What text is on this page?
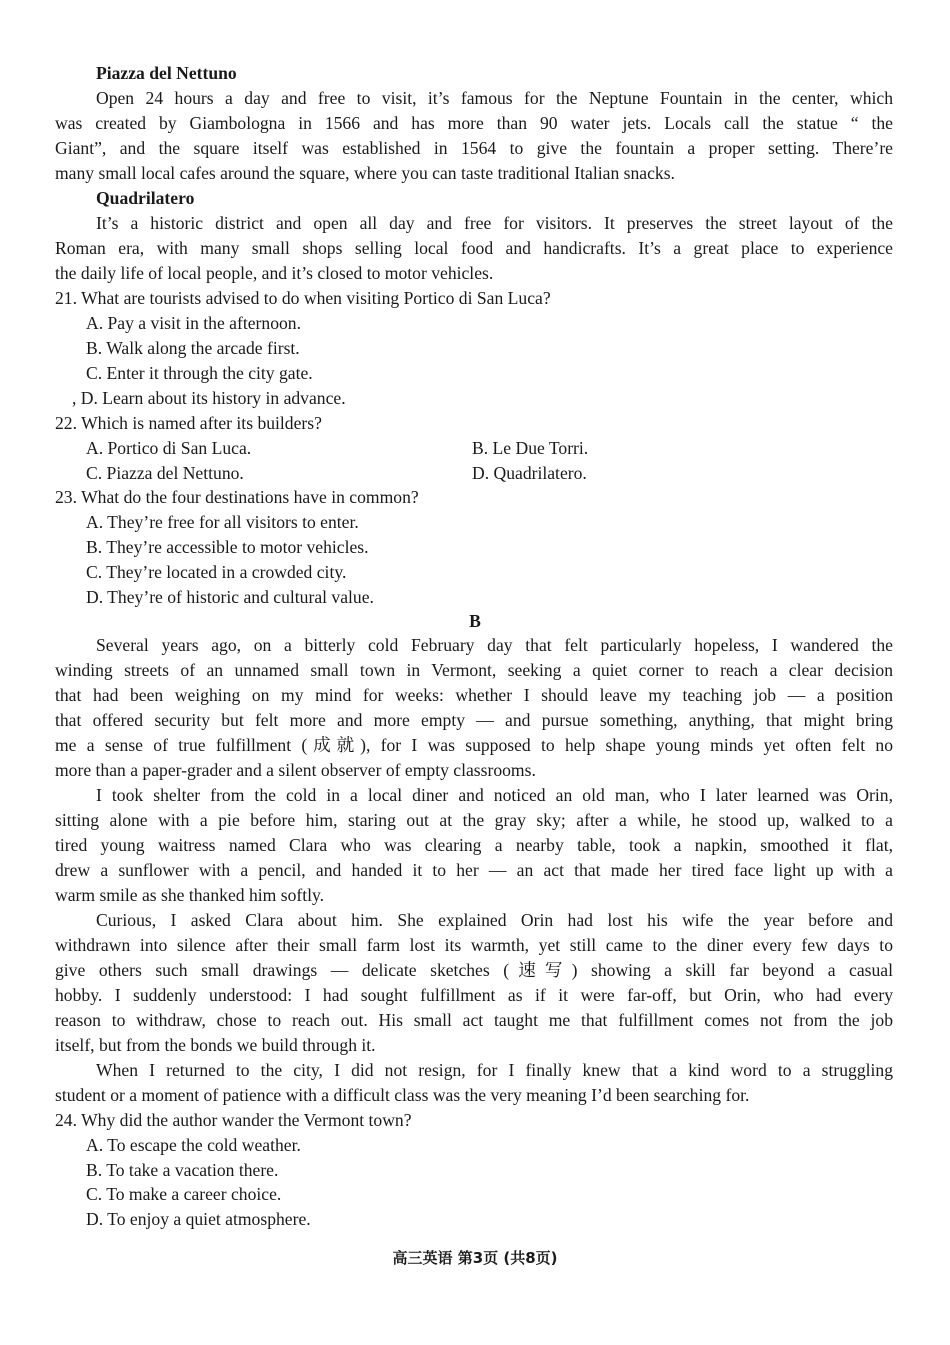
Piazza del Nettuno
Open 24 hours a day and free to visit, it’s famous for the Neptune Fountain in the center, which
was created by Giambologna in 1566 and has more than 90 water jets. Locals call the statue “ the
Giant”, and the square itself was established in 1564 to give the fountain a proper setting. There’re
many small local cafes around the square, where you can taste traditional Italian snacks.
Quadrilatero
It’s a historic district and open all day and free for visitors. It preserves the street layout of the
Roman era, with many small shops selling local food and handicrafts. It’s a great place to experience
the daily life of local people, and it’s closed to motor vehicles.
21. What are tourists advised to do when visiting Portico di San Luca?
A. Pay a visit in the afternoon.
B. Walk along the arcade first.
C. Enter it through the city gate.
, D. Learn about its history in advance.
22. Which is named after its builders?
A. Portico di San Luca.	B. Le Due Torri.
C. Piazza del Nettuno.	D. Quadrilatero.
23. What do the four destinations have in common?
A. They’re free for all visitors to enter.
B. They’re accessible to motor vehicles.
C. They’re located in a crowded city.
D. They’re of historic and cultural value.
B
Several years ago, on a bitterly cold February day that felt particularly hopeless, I wandered the
winding streets of an unnamed small town in Vermont, seeking a quiet corner to reach a clear decision
that had been weighing on my mind for weeks: whether I should leave my teaching job — a position
that offered security but felt more and more empty — and pursue something, anything, that might bring
me a sense of true fulfillment (成就), for I was supposed to help shape young minds yet often felt no
more than a paper-grader and a silent observer of empty classrooms.
I took shelter from the cold in a local diner and noticed an old man, who I later learned was Orin,
sitting alone with a pie before him, staring out at the gray sky; after a while, he stood up, walked to a
tired young waitress named Clara who was clearing a nearby table, took a napkin, smoothed it flat,
drew a sunflower with a pencil, and handed it to her — an act that made her tired face light up with a
warm smile as she thanked him softly.
Curious, I asked Clara about him. She explained Orin had lost his wife the year before and
withdrawn into silence after their small farm lost its warmth, yet still came to the diner every few days to
give others such small drawings — delicate sketches (速写) showing a skill far beyond a casual
hobby. I suddenly understood: I had sought fulfillment as if it were far-off, but Orin, who had every
reason to withdraw, chose to reach out. His small act taught me that fulfillment comes not from the job
itself, but from the bonds we build through it.
When I returned to the city, I did not resign, for I finally knew that a kind word to a struggling
student or a moment of patience with a difficult class was the very meaning I’d been searching for.
24. Why did the author wander the Vermont town?
A. To escape the cold weather.
B. To take a vacation there.
C. To make a career choice.
D. To enjoy a quiet atmosphere.
高三英语 第3页 (共8页)
